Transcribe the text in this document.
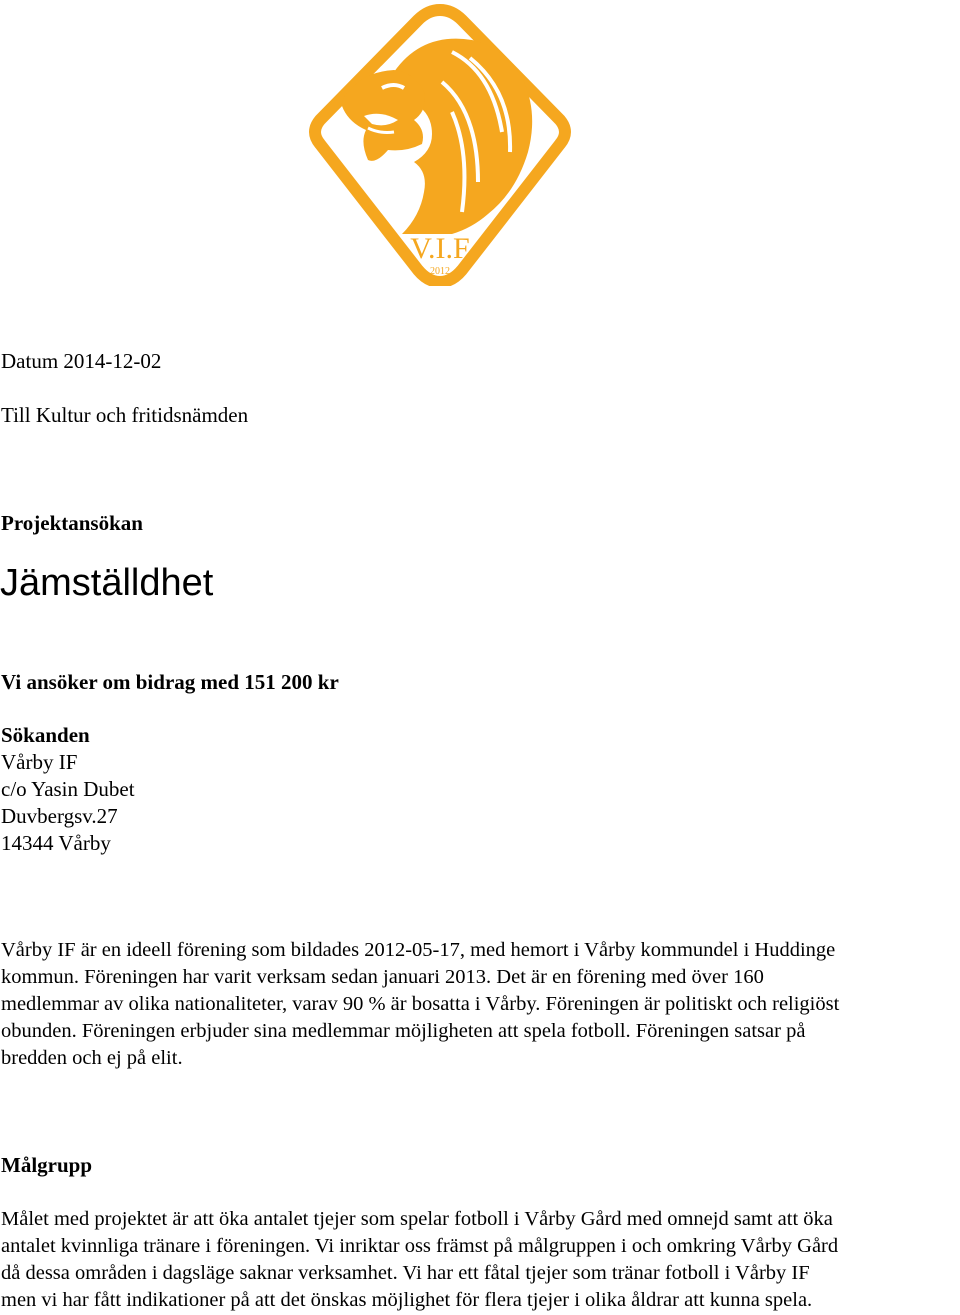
V.I.F
2012
Datum 2014-12-02
Till Kultur och fritidsnämden
Projektansökan
Jämställdhet
Vi ansöker om bidrag med 151 200 kr
Sökanden
Vårby IF
c/o Yasin Dubet
Duvbergsv.27
14344 Vårby
Vårby IF är en ideell förening som bildades 2012-05-17, med hemort i Vårby kommundel i Huddinge
kommun. Föreningen har varit verksam sedan januari 2013. Det är en förening med över 160
medlemmar av olika nationaliteter, varav 90 % är bosatta i Vårby. Föreningen är politiskt och religiöst
obunden. Föreningen erbjuder sina medlemmar möjligheten att spela fotboll. Föreningen satsar på
bredden och ej på elit.
Målgrupp
Målet med projektet är att öka antalet tjejer som spelar fotboll i Vårby Gård med omnejd samt att öka
antalet kvinnliga tränare i föreningen. Vi inriktar oss främst på målgruppen i och omkring Vårby Gård
då dessa områden i dagsläge saknar verksamhet. Vi har ett fåtal tjejer som tränar fotboll i Vårby IF
men vi har fått indikationer på att det önskas möjlighet för flera tjejer i olika åldrar att kunna spela.
